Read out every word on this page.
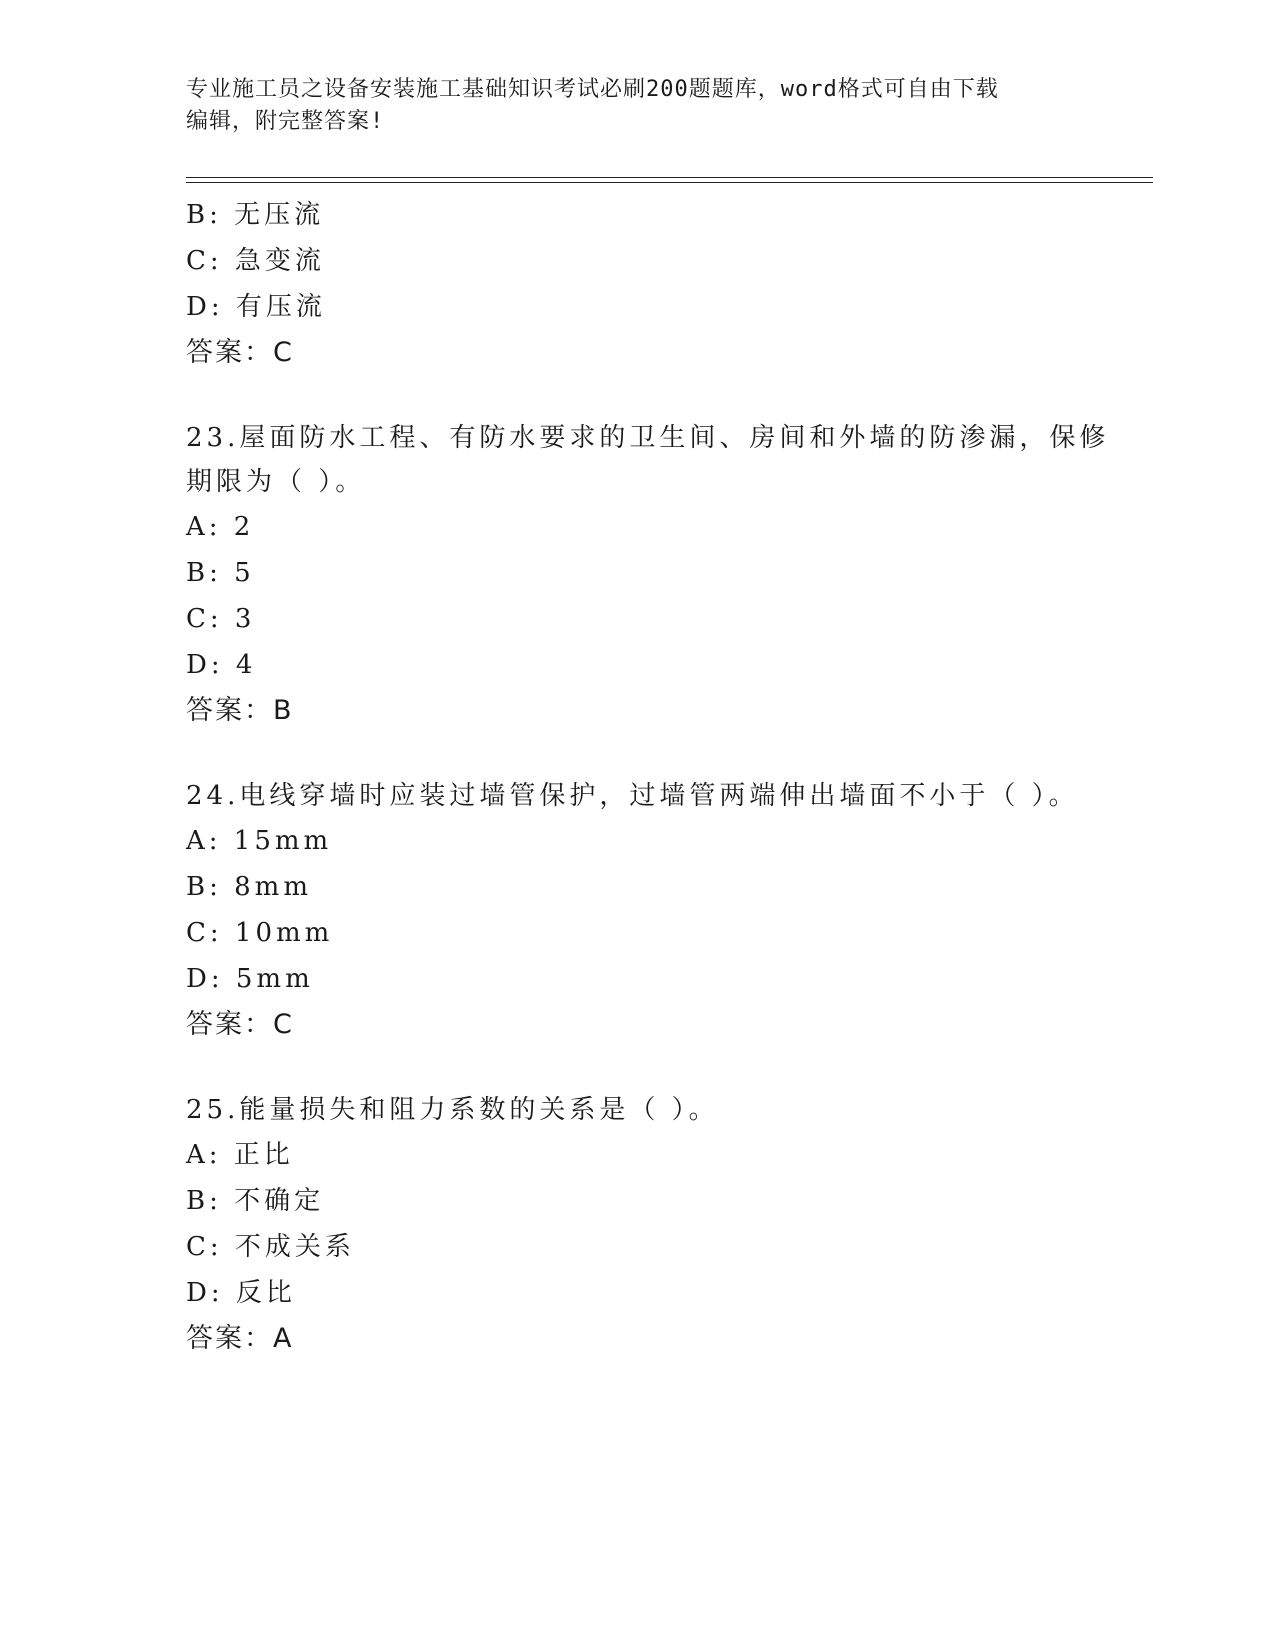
专业施工员之设备安装施工基础知识考试必刷200题题库，word格式可自由下载
编辑，附完整答案!
B: 无压流
C: 急变流
D: 有压流
答案：C
23.屋面防水工程、有防水要求的卫生间、房间和外墙的防渗漏，保修
期限为（ ）。
A: 2
B: 5
C: 3
D: 4
答案：B
24.电线穿墙时应装过墙管保护，过墙管两端伸出墙面不小于（ ）。
A: 15mm
B: 8mm
C: 10mm
D: 5mm
答案：C
25.能量损失和阻力系数的关系是（ ）。
A: 正比
B: 不确定
C: 不成关系
D: 反比
答案：A
